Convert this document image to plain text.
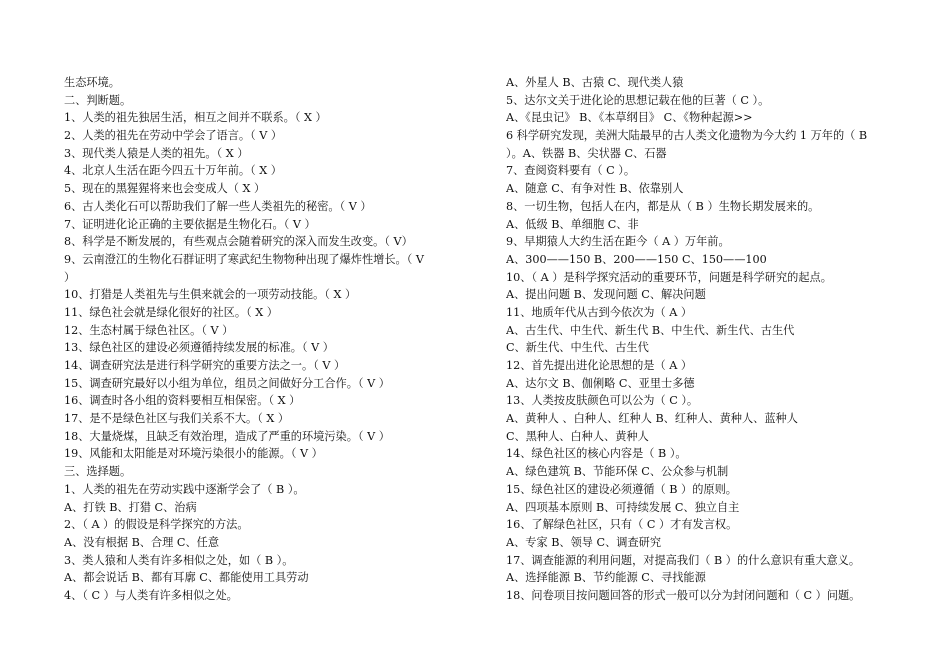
生态环境。
二、判断题。
1、人类的祖先独居生活，相互之间并不联系。（ X ）
2、人类的祖先在劳动中学会了语言。（ V ）
3、现代类人猿是人类的祖先。（ X ）
4、北京人生活在距今四五十万年前。（ X ）
5、现在的黑猩猩将来也会变成人（ X ）
6、古人类化石可以帮助我们了解一些人类祖先的秘密。（ V ）
7、证明进化论正确的主要依据是生物化石。（ V ）
8、科学是不断发展的，有些观点会随着研究的深入而发生改变。（ V）
9、云南澄江的生物化石群证明了寒武纪生物物种出现了爆炸性增长。（ V
）
10、打猎是人类祖先与生俱来就会的一项劳动技能。（ X ）
11、绿色社会就是绿化很好的社区。（ X ）
12、生态村属于绿色社区。（ V ）
13、绿色社区的建设必须遵循持续发展的标准。（ V ）
14、调查研究法是进行科学研究的重要方法之一。（ V ）
15、调查研究最好以小组为单位，组员之间做好分工合作。（ V ）
16、调查时各小组的资料要相互相保密。（ X ）
17、是不是绿色社区与我们关系不大。（ X ）
18、大量烧煤，且缺乏有效治理，造成了严重的环境污染。（ V ）
19、风能和太阳能是对环境污染很小的能源。（ V ）
三、选择题。
1、人类的祖先在劳动实践中逐渐学会了（ B ）。
A、打铁 B、打猎 C、治病
2、（ A ）的假设是科学探究的方法。
A、没有根据 B、合理 C、任意
3、类人猿和人类有许多相似之处，如（ B ）。
A、都会说话 B、都有耳廓 C、都能使用工具劳动
4、（ C ）与人类有许多相似之处。
A、外星人 B、古猿 C、现代类人猿
5、达尔文关于进化论的思想记载在他的巨著（ C ）。
A、《昆虫记》 B、《本草纲目》 C、《物种起源>>
6 科学研究发现，美洲大陆最早的古人类文化遗物为今大约 1 万年的（ B
）。A、铁器 B、尖状器 C、石器
7、查阅资料要有（ C ）。
A、随意 C、有争对性 B、依靠别人
8、一切生物，包括人在内，都是从（ B ）生物长期发展来的。
A、低级 B、单细胞 C、非
9、早期猿人大约生活在距今（ A ）万年前。
A、300——150 B、200——150 C、150——100
10、（ A ）是科学探究活动的重要环节，问题是科学研究的起点。
A、提出问题 B、发现问题 C、解决问题
11、地质年代从古到今依次为（ A ）
A、古生代、中生代、新生代 B、中生代、新生代、古生代
C、新生代、中生代、古生代
12、首先提出进化论思想的是（ A ）
A、达尔文 B、伽俐略 C、亚里士多德
13、人类按皮肤颜色可以公为（ C ）。
A、黄种人 、白种人、红种人 B、红种人、黄种人、蓝种人
C、黑种人、白种人、黄种人
14、绿色社区的核心内容是（ B ）。
A、绿色建筑 B、节能环保 C、公众参与机制
15、绿色社区的建设必须遵循（ B ）的原则。
A、四项基本原则 B、可持续发展 C、独立自主
16、了解绿色社区，只有（ C ）才有发言权。
A、专家 B、领导 C、调查研究
17、调查能源的利用问题，对提高我们（ B ）的什么意识有重大意义。
A、选择能源 B、节约能源 C、寻找能源
18、问卷项目按问题回答的形式一般可以分为封闭问题和（ C ）问题。
